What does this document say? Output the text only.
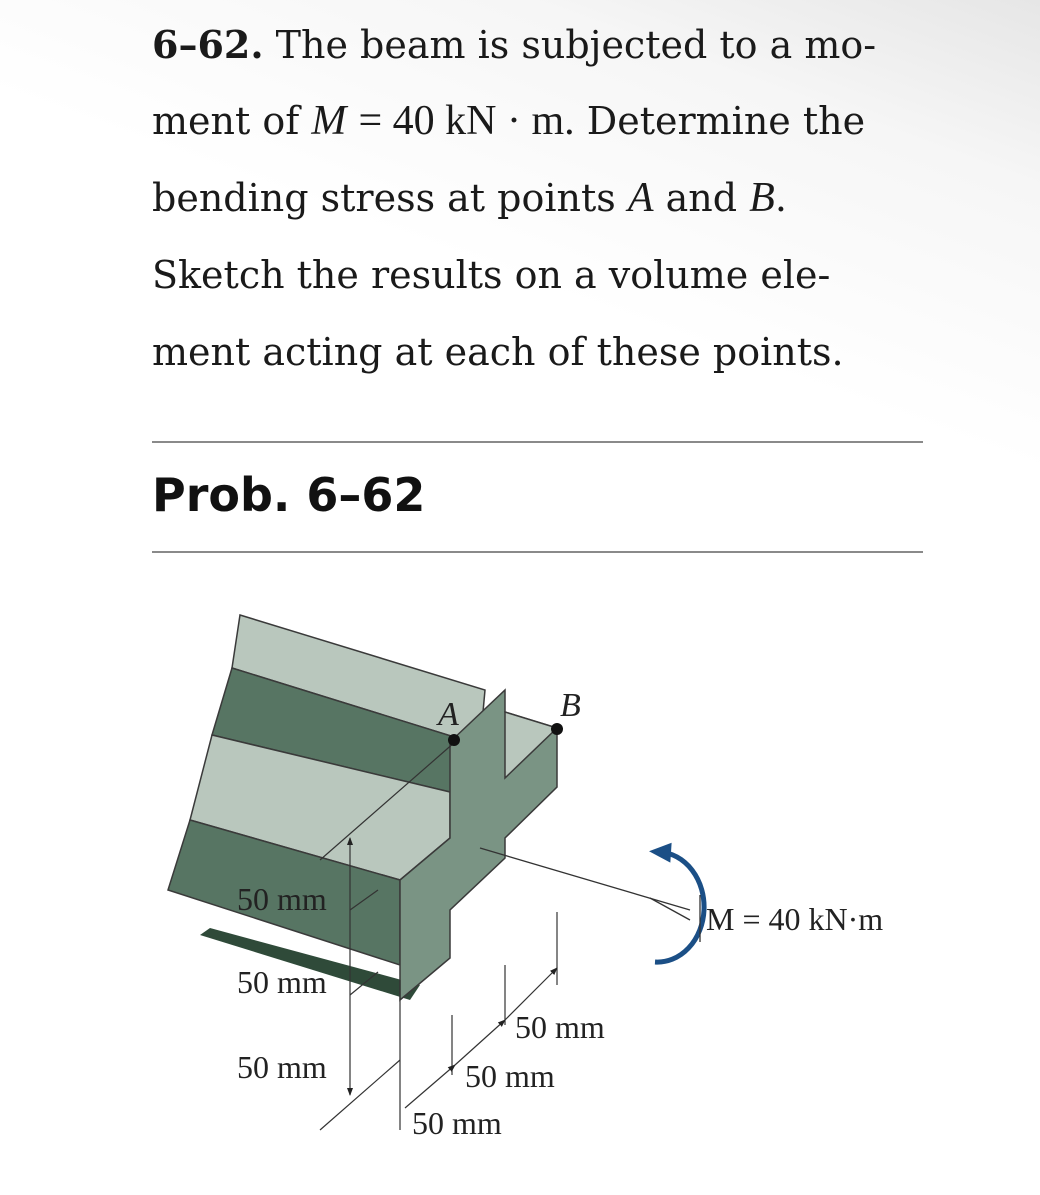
6–62. The beam is subjected to a mo-
ment of M = 40 kN · m. Determine the
bending stress at points A and B.
Sketch the results on a volume ele-
ment acting at each of these points.
Prob. 6–62
A	B
50 mm
50 mm
50 mm
50 mm
50 mm
50 mm
M = 40 kN·m
